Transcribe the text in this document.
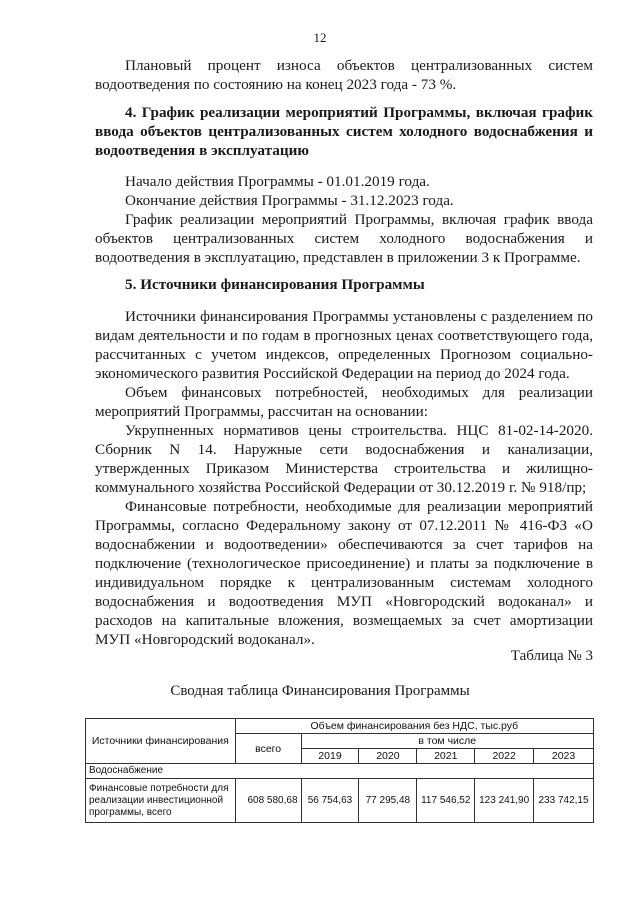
12

Плановый процент износа объектов централизованных систем водоотведения по состоянию на конец 2023 года - 73 %.

4. График реализации мероприятий Программы, включая график ввода объектов централизованных систем холодного водоснабжения и водоотведения в эксплуатацию

Начало действия Программы - 01.01.2019 года.

Окончание действия Программы - 31.12.2023 года.

График реализации мероприятий Программы, включая график ввода объектов централизованных систем холодного водоснабжения и водоотведения в эксплуатацию, представлен в приложении 3 к Программе.

5. Источники финансирования Программы

Источники финансирования Программы установлены с разделением по видам деятельности и по годам в прогнозных ценах соответствующего года, рассчитанных с учетом индексов, определенных Прогнозом социально-экономического развития Российской Федерации на период до 2024 года.

Объем финансовых потребностей, необходимых для реализации мероприятий Программы, рассчитан на основании:

Укрупненных нормативов цены строительства. НЦС 81-02-14-2020. Сборник N 14. Наружные сети водоснабжения и канализации, утвержденных Приказом Министерства строительства и жилищно-коммунального хозяйства Российской Федерации от 30.12.2019 г. № 918/пр;

Финансовые потребности, необходимые для реализации мероприятий Программы, согласно Федеральному закону от 07.12.2011 № 416-ФЗ «О водоснабжении и водоотведении» обеспечиваются за счет тарифов на подключение (технологическое присоединение) и платы за подключение в индивидуальном порядке к централизованным системам холодного водоснабжения и водоотведения МУП «Новгородский водоканал» и расходов на капитальные вложения, возмещаемых за счет амортизации МУП «Новгородский водоканал».

Таблица № 3
Сводная таблица Финансирования Программы
Источники финансирования	Объем финансирования без НДС, тыс.руб					
	всего	в том числе				
		2019	2020	2021	2022	2023
Водоснабжение						
Финансовые потребности для реализации инвестиционной программы, всего	608 580,68	56 754,63	77 295,48	117 546,52	123 241,90	233 742,15
